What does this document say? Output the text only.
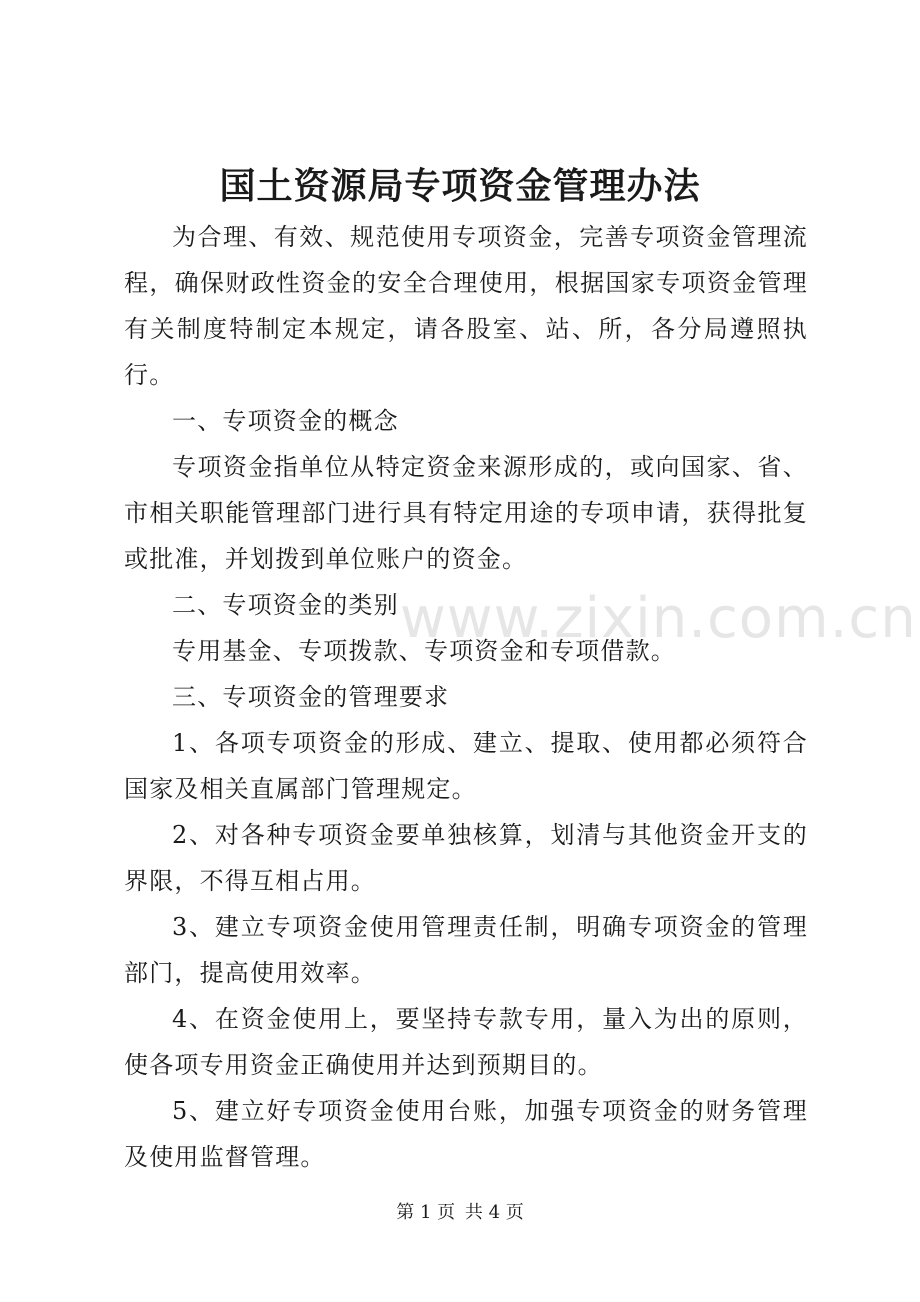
国土资源局专项资金管理办法

为合理、有效、规范使用专项资金，完善专项资金管理流程，确保财政性资金的安全合理使用，根据国家专项资金管理有关制度特制定本规定，请各股室、站、所，各分局遵照执行。

一、专项资金的概念

专项资金指单位从特定资金来源形成的，或向国家、省、市相关职能管理部门进行具有特定用途的专项申请，获得批复或批准，并划拨到单位账户的资金。

二、专项资金的类别

专用基金、专项拨款、专项资金和专项借款。

三、专项资金的管理要求

1、各项专项资金的形成、建立、提取、使用都必须符合国家及相关直属部门管理规定。

2、对各种专项资金要单独核算，划清与其他资金开支的界限，不得互相占用。

3、建立专项资金使用管理责任制，明确专项资金的管理部门，提高使用效率。

4、在资金使用上，要坚持专款专用，量入为出的原则，使各项专用资金正确使用并达到预期目的。

5、建立好专项资金使用台账，加强专项资金的财务管理及使用监督管理。

www.zixin.com.cn
第 1 页 共 4 页
